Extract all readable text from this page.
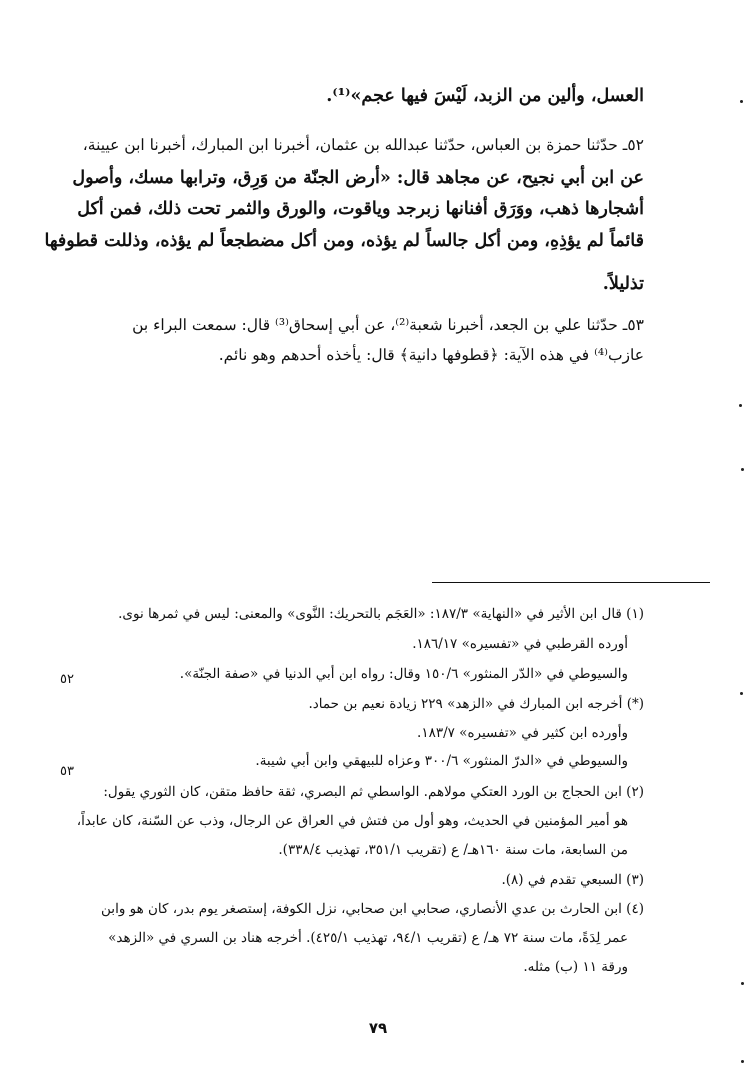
العسل، وألين من الزبد، لَيْسَ فيها عجم»⁽¹⁾.
٥٢ـ حدّثنا حمزة بن العباس، حدّثنا عبدالله بن عثمان، أخبرنا ابن المبارك، أخبرنا ابن عيينة،
عن ابن أبي نجيح، عن مجاهد قال: «أرض الجنّة من وَرِق، وترابها مسك، وأصول
أشجارها ذهب، ووَرَق أفنانها زبرجد وياقوت، والورق والثمر تحت ذلك، فمن أكل
قائماً لم يؤذِهِ، ومن أكل جالساً لم يؤذه، ومن أكل مضطجعاً لم يؤذه، وذللت قطوفها
تذليلاً.
٥٣ـ حدّثنا علي بن الجعد، أخبرنا شعبة⁽²⁾، عن أبي إسحاق⁽³⁾ قال: سمعت البراء بن
عازب⁽⁴⁾ في هذه الآية: ﴿قطوفها دانية﴾ قال: يأخذه أحدهم وهو نائم.
(١) قال ابن الأثير في «النهاية» ١٨٧/٣: «العَجَم بالتحريك: النَّوى» والمعنى: ليس في ثمرها نوى.
أورده القرطبي في «تفسيره» ١٨٦/١٧.
والسيوطي في «الدّر المنثور» ١٥٠/٦ وقال: رواه ابن أبي الدنيا في «صفة الجنّة».
(*) أخرجه ابن المبارك في «الزهد» ٢٢٩ زيادة نعيم بن حماد.
وأورده ابن كثير في «تفسيره» ١٨٣/٧.
والسيوطي في «الدرّ المنثور» ٣٠٠/٦ وعزاه للبيهقي وابن أبي شيبة.
(٢) ابن الحجاج بن الورد العتكي مولاهم. الواسطي ثم البصري، ثقة حافظ متقن، كان الثوري يقول:
هو أمير المؤمنين في الحديث، وهو أول من فتش في العراق عن الرجال، وذب عن السّنة، كان عابداً،
من السابعة، مات سنة ١٦٠هـ/ ع (تقريب ٣٥١/١، تهذيب ٣٣٨/٤).
(٣) السبعي تقدم في (٨).
(٤) ابن الحارث بن عدي الأنصاري، صحابي ابن صحابي، نزل الكوفة، إستصغر يوم بدر، كان هو وابن
عمر لِدَةً، مات سنة ٧٢ هـ/ ع (تقريب ٩٤/١، تهذيب ٤٢٥/١). أخرجه هناد بن السري في «الزهد»
ورقة ١١ (ب) مثله.
٥٢
٥٣
٧٩
